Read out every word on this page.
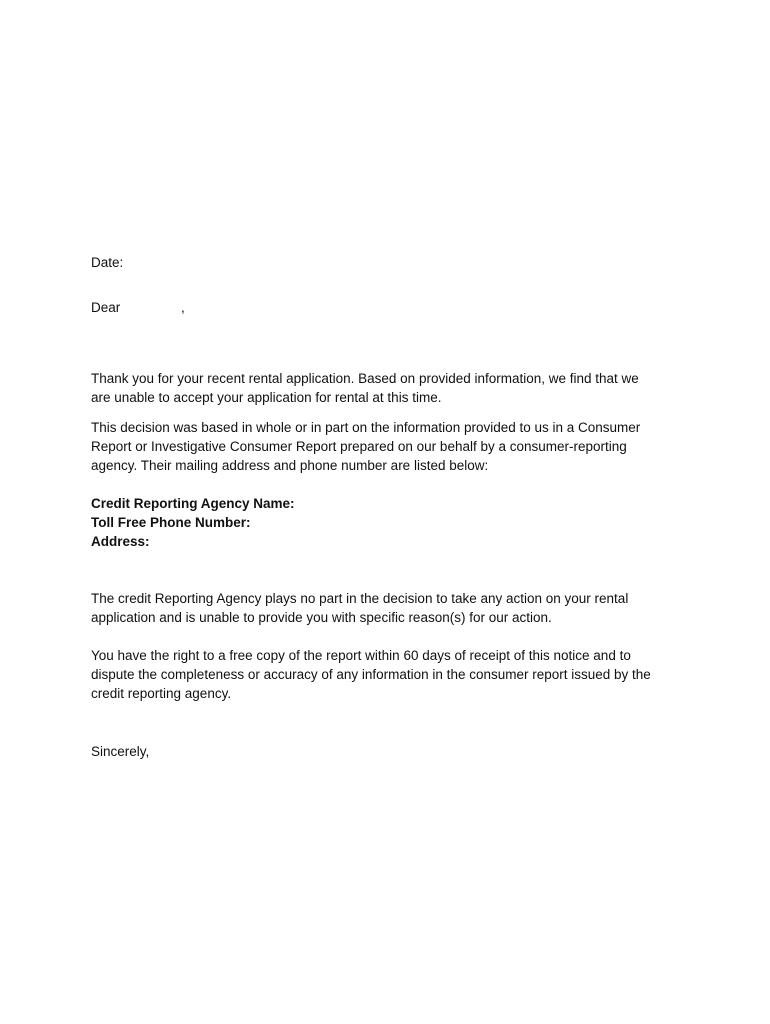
Date:
Dear	,
Thank you for your recent rental application. Based on provided information, we find that we
are unable to accept your application for rental at this time.
This decision was based in whole or in part on the information provided to us in a Consumer
Report or Investigative Consumer Report prepared on our behalf by a consumer-reporting
agency. Their mailing address and phone number are listed below:
Credit Reporting Agency Name:
Toll Free Phone Number:
Address:
The credit Reporting Agency plays no part in the decision to take any action on your rental
application and is unable to provide you with specific reason(s) for our action.
You have the right to a free copy of the report within 60 days of receipt of this notice and to
dispute the completeness or accuracy of any information in the consumer report issued by the
credit reporting agency.
Sincerely,
